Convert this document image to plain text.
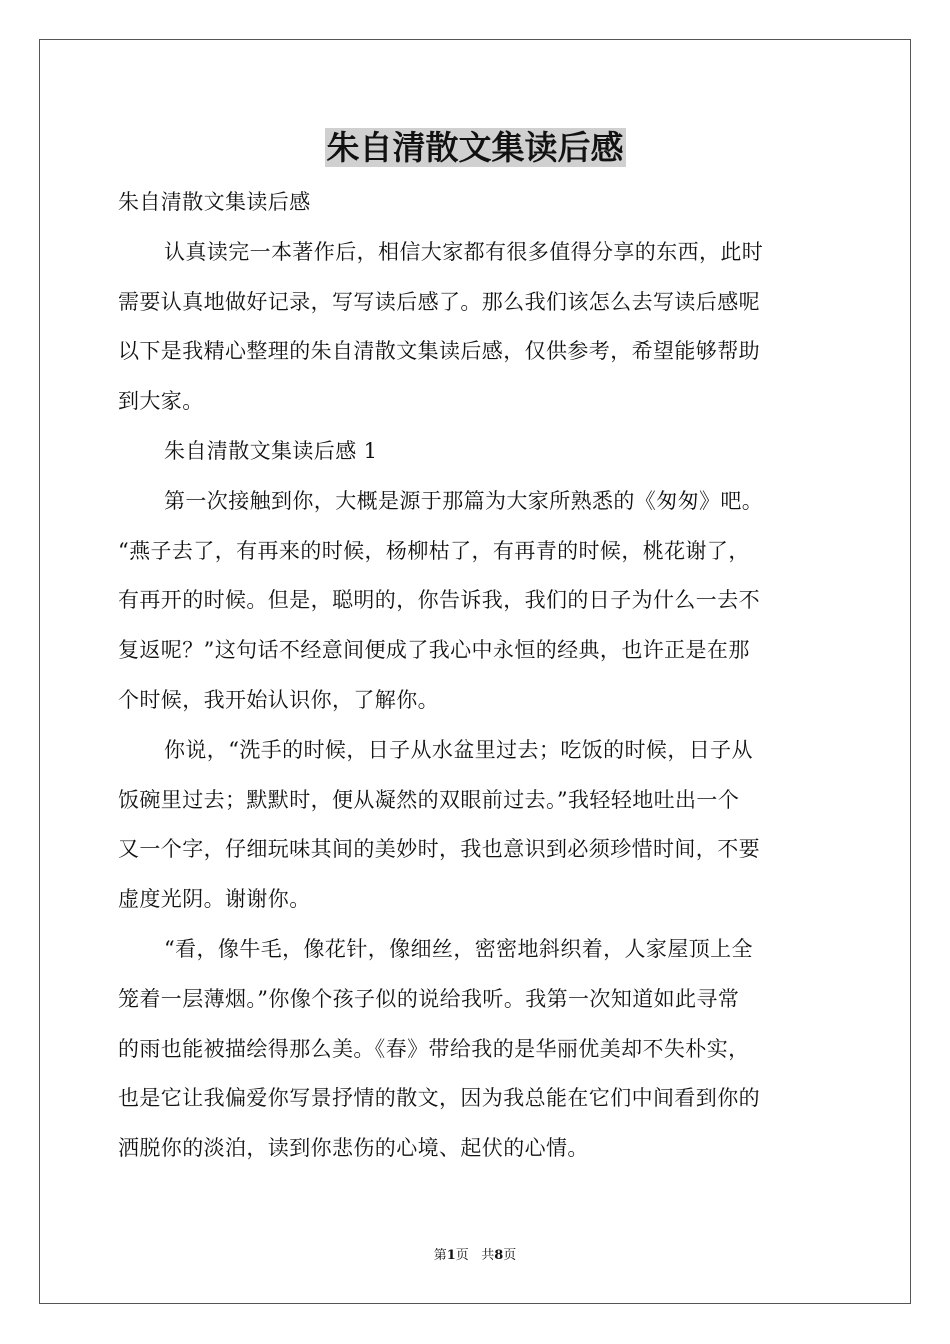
朱自清散文集读后感

朱自清散文集读后感

认真读完一本著作后，相信大家都有很多值得分享的东西，此时

需要认真地做好记录，写写读后感了。那么我们该怎么去写读后感呢

以下是我精心整理的朱自清散文集读后感，仅供参考，希望能够帮助

到大家。

朱自清散文集读后感 1

第一次接触到你，大概是源于那篇为大家所熟悉的《匆匆》吧。

“燕子去了，有再来的时候，杨柳枯了，有再青的时候，桃花谢了，

有再开的时候。但是，聪明的，你告诉我，我们的日子为什么一去不

复返呢？”这句话不经意间便成了我心中永恒的经典，也许正是在那

个时候，我开始认识你，了解你。

你说，“洗手的时候，日子从水盆里过去；吃饭的时候，日子从

饭碗里过去；默默时，便从凝然的双眼前过去。”我轻轻地吐出一个

又一个字，仔细玩味其间的美妙时，我也意识到必须珍惜时间，不要

虚度光阴。谢谢你。

“看，像牛毛，像花针，像细丝，密密地斜织着，人家屋顶上全

笼着一层薄烟。”你像个孩子似的说给我听。我第一次知道如此寻常

的雨也能被描绘得那么美。《春》带给我的是华丽优美却不失朴实，

也是它让我偏爱你写景抒情的散文，因为我总能在它们中间看到你的

洒脱你的淡泊，读到你悲伤的心境、起伏的心情。

第1页 共8页
